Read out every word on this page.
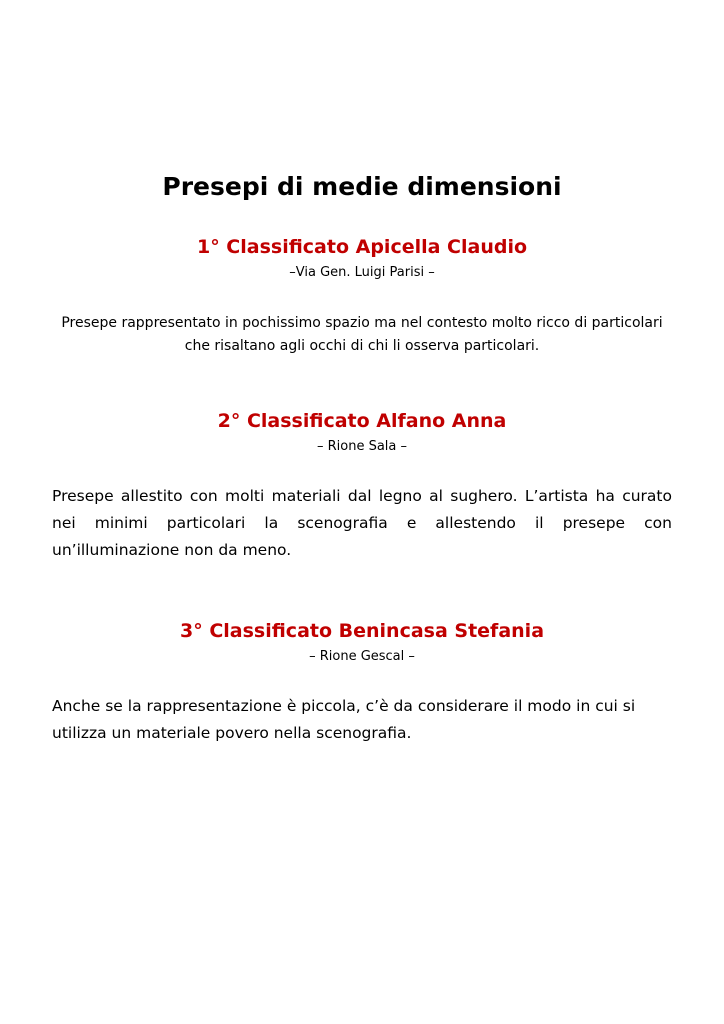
Presepi di medie dimensioni
1° Classificato Apicella Claudio

–Via Gen. Luigi Parisi –

Presepe rappresentato in pochissimo spazio ma nel contesto molto ricco di particolari che risaltano agli occhi di chi li osserva particolari.

2° Classificato Alfano Anna

– Rione Sala –

Presepe allestito con molti materiali dal legno al sughero. L’artista ha curato nei minimi particolari la scenografia e allestendo il presepe con un’illuminazione non da meno.

3° Classificato Benincasa Stefania

– Rione Gescal –

Anche se la rappresentazione è piccola, c’è da considerare il modo in cui si utilizza un materiale povero nella scenografia.
